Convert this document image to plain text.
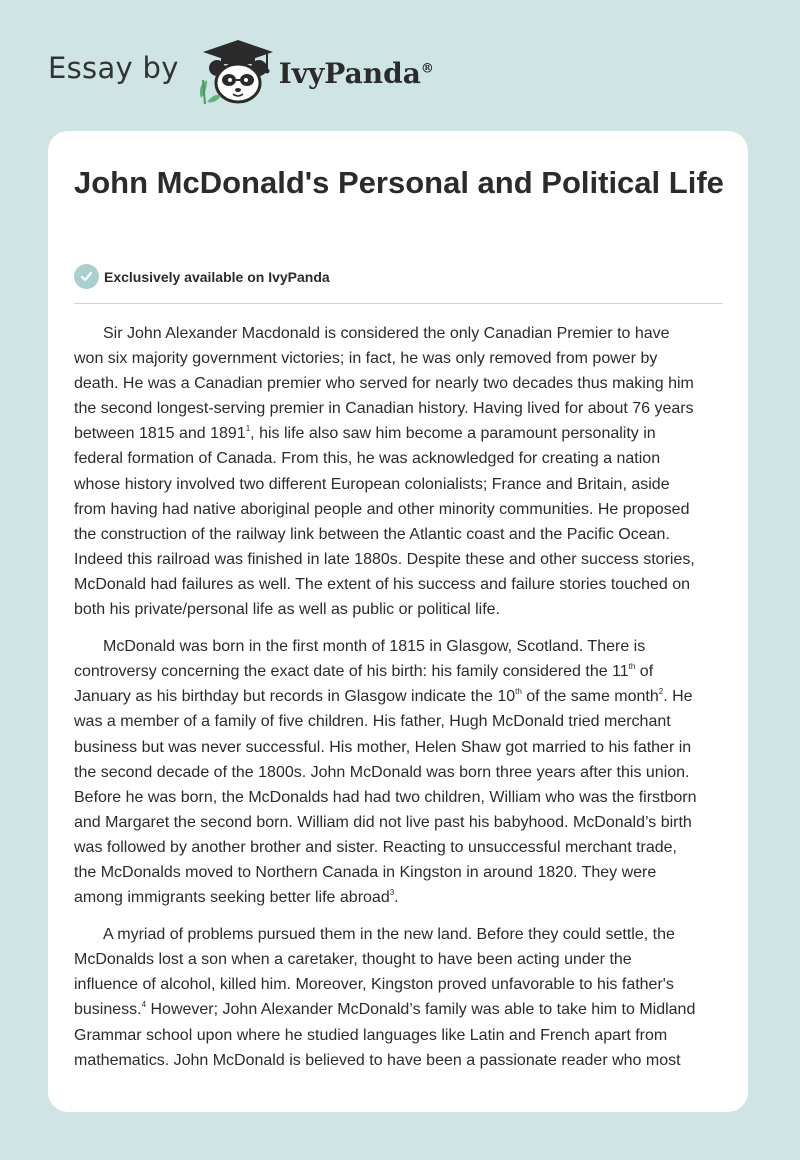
Essay by	IvyPanda®
John McDonald's Personal and Political Life
Exclusively available on IvyPanda

Sir John Alexander Macdonald is considered the only Canadian Premier to have
won six majority government victories; in fact, he was only removed from power by
death. He was a Canadian premier who served for nearly two decades thus making him
the second longest-serving premier in Canadian history. Having lived for about 76 years
between 1815 and 1891$^1$, his life also saw him become a paramount personality in
federal formation of Canada. From this, he was acknowledged for creating a nation
whose history involved two different European colonialists; France and Britain, aside
from having had native aboriginal people and other minority communities. He proposed
the construction of the railway link between the Atlantic coast and the Pacific Ocean.
Indeed this railroad was finished in late 1880s. Despite these and other success stories,
McDonald had failures as well. The extent of his success and failure stories touched on
both his private/personal life as well as public or political life.

McDonald was born in the first month of 1815 in Glasgow, Scotland. There is
controversy concerning the exact date of his birth: his family considered the 11th of
January as his birthday but records in Glasgow indicate the 10th of the same month$^2$. He
was a member of a family of five children. His father, Hugh McDonald tried merchant
business but was never successful. His mother, Helen Shaw got married to his father in
the second decade of the 1800s. John McDonald was born three years after this union.
Before he was born, the McDonalds had had two children, William who was the firstborn
and Margaret the second born. William did not live past his babyhood. McDonald’s birth
was followed by another brother and sister. Reacting to unsuccessful merchant trade,
the McDonalds moved to Northern Canada in Kingston in around 1820. They were
among immigrants seeking better life abroad$^3$.

A myriad of problems pursued them in the new land. Before they could settle, the
McDonalds lost a son when a caretaker, thought to have been acting under the
influence of alcohol, killed him. Moreover, Kingston proved unfavorable to his father's
business.$^4$ However; John Alexander McDonald’s family was able to take him to Midland
Grammar school upon where he studied languages like Latin and French apart from
mathematics. John McDonald is believed to have been a passionate reader who most
